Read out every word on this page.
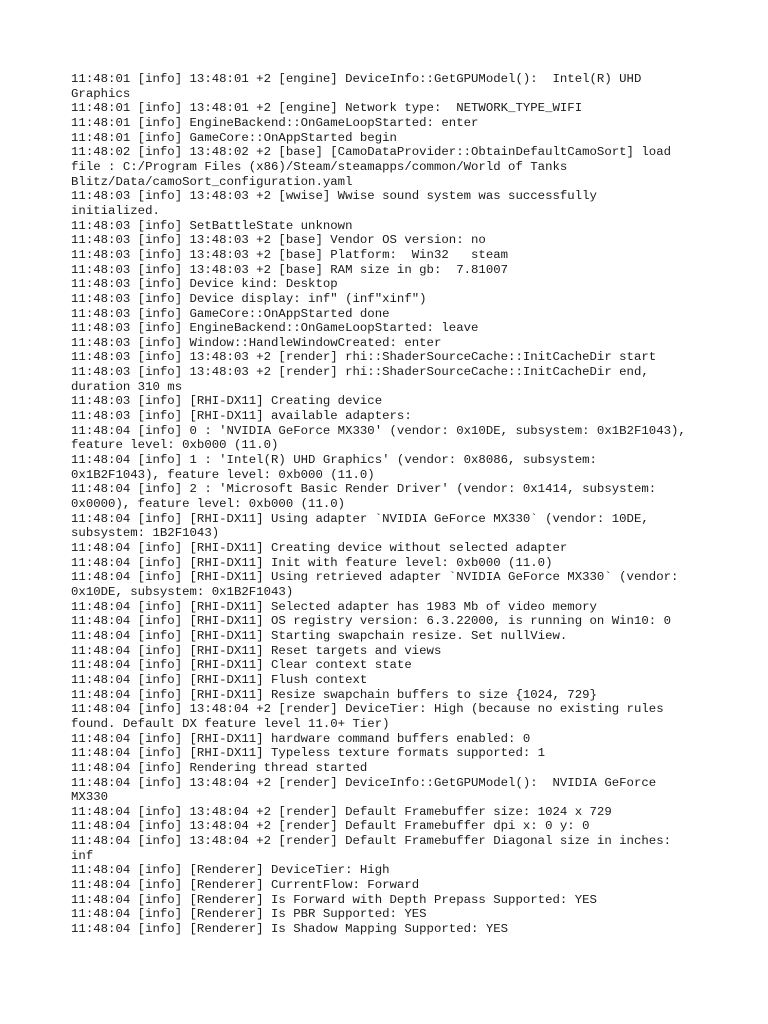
11:48:01 [info] 13:48:01 +2 [engine] DeviceInfo::GetGPUModel():  Intel(R) UHD
Graphics
11:48:01 [info] 13:48:01 +2 [engine] Network type:  NETWORK_TYPE_WIFI
11:48:01 [info] EngineBackend::OnGameLoopStarted: enter
11:48:01 [info] GameCore::OnAppStarted begin
11:48:02 [info] 13:48:02 +2 [base] [CamoDataProvider::ObtainDefaultCamoSort] load
file : C:/Program Files (x86)/Steam/steamapps/common/World of Tanks
Blitz/Data/camoSort_configuration.yaml
11:48:03 [info] 13:48:03 +2 [wwise] Wwise sound system was successfully
initialized.
11:48:03 [info] SetBattleState unknown
11:48:03 [info] 13:48:03 +2 [base] Vendor OS version: no
11:48:03 [info] 13:48:03 +2 [base] Platform:  Win32   steam
11:48:03 [info] 13:48:03 +2 [base] RAM size in gb:  7.81007
11:48:03 [info] Device kind: Desktop
11:48:03 [info] Device display: inf" (inf"xinf")
11:48:03 [info] GameCore::OnAppStarted done
11:48:03 [info] EngineBackend::OnGameLoopStarted: leave
11:48:03 [info] Window::HandleWindowCreated: enter
11:48:03 [info] 13:48:03 +2 [render] rhi::ShaderSourceCache::InitCacheDir start
11:48:03 [info] 13:48:03 +2 [render] rhi::ShaderSourceCache::InitCacheDir end,
duration 310 ms
11:48:03 [info] [RHI-DX11] Creating device
11:48:03 [info] [RHI-DX11] available adapters:
11:48:04 [info] 0 : 'NVIDIA GeForce MX330' (vendor: 0x10DE, subsystem: 0x1B2F1043),
feature level: 0xb000 (11.0)
11:48:04 [info] 1 : 'Intel(R) UHD Graphics' (vendor: 0x8086, subsystem:
0x1B2F1043), feature level: 0xb000 (11.0)
11:48:04 [info] 2 : 'Microsoft Basic Render Driver' (vendor: 0x1414, subsystem:
0x0000), feature level: 0xb000 (11.0)
11:48:04 [info] [RHI-DX11] Using adapter `NVIDIA GeForce MX330` (vendor: 10DE,
subsystem: 1B2F1043)
11:48:04 [info] [RHI-DX11] Creating device without selected adapter
11:48:04 [info] [RHI-DX11] Init with feature level: 0xb000 (11.0)
11:48:04 [info] [RHI-DX11] Using retrieved adapter `NVIDIA GeForce MX330` (vendor:
0x10DE, subsystem: 0x1B2F1043)
11:48:04 [info] [RHI-DX11] Selected adapter has 1983 Mb of video memory
11:48:04 [info] [RHI-DX11] OS registry version: 6.3.22000, is running on Win10: 0
11:48:04 [info] [RHI-DX11] Starting swapchain resize. Set nullView.
11:48:04 [info] [RHI-DX11] Reset targets and views
11:48:04 [info] [RHI-DX11] Clear context state
11:48:04 [info] [RHI-DX11] Flush context
11:48:04 [info] [RHI-DX11] Resize swapchain buffers to size {1024, 729}
11:48:04 [info] 13:48:04 +2 [render] DeviceTier: High (because no existing rules
found. Default DX feature level 11.0+ Tier)
11:48:04 [info] [RHI-DX11] hardware command buffers enabled: 0
11:48:04 [info] [RHI-DX11] Typeless texture formats supported: 1
11:48:04 [info] Rendering thread started
11:48:04 [info] 13:48:04 +2 [render] DeviceInfo::GetGPUModel():  NVIDIA GeForce
MX330
11:48:04 [info] 13:48:04 +2 [render] Default Framebuffer size: 1024 x 729
11:48:04 [info] 13:48:04 +2 [render] Default Framebuffer dpi x: 0 y: 0
11:48:04 [info] 13:48:04 +2 [render] Default Framebuffer Diagonal size in inches:
inf
11:48:04 [info] [Renderer] DeviceTier: High
11:48:04 [info] [Renderer] CurrentFlow: Forward
11:48:04 [info] [Renderer] Is Forward with Depth Prepass Supported: YES
11:48:04 [info] [Renderer] Is PBR Supported: YES
11:48:04 [info] [Renderer] Is Shadow Mapping Supported: YES
